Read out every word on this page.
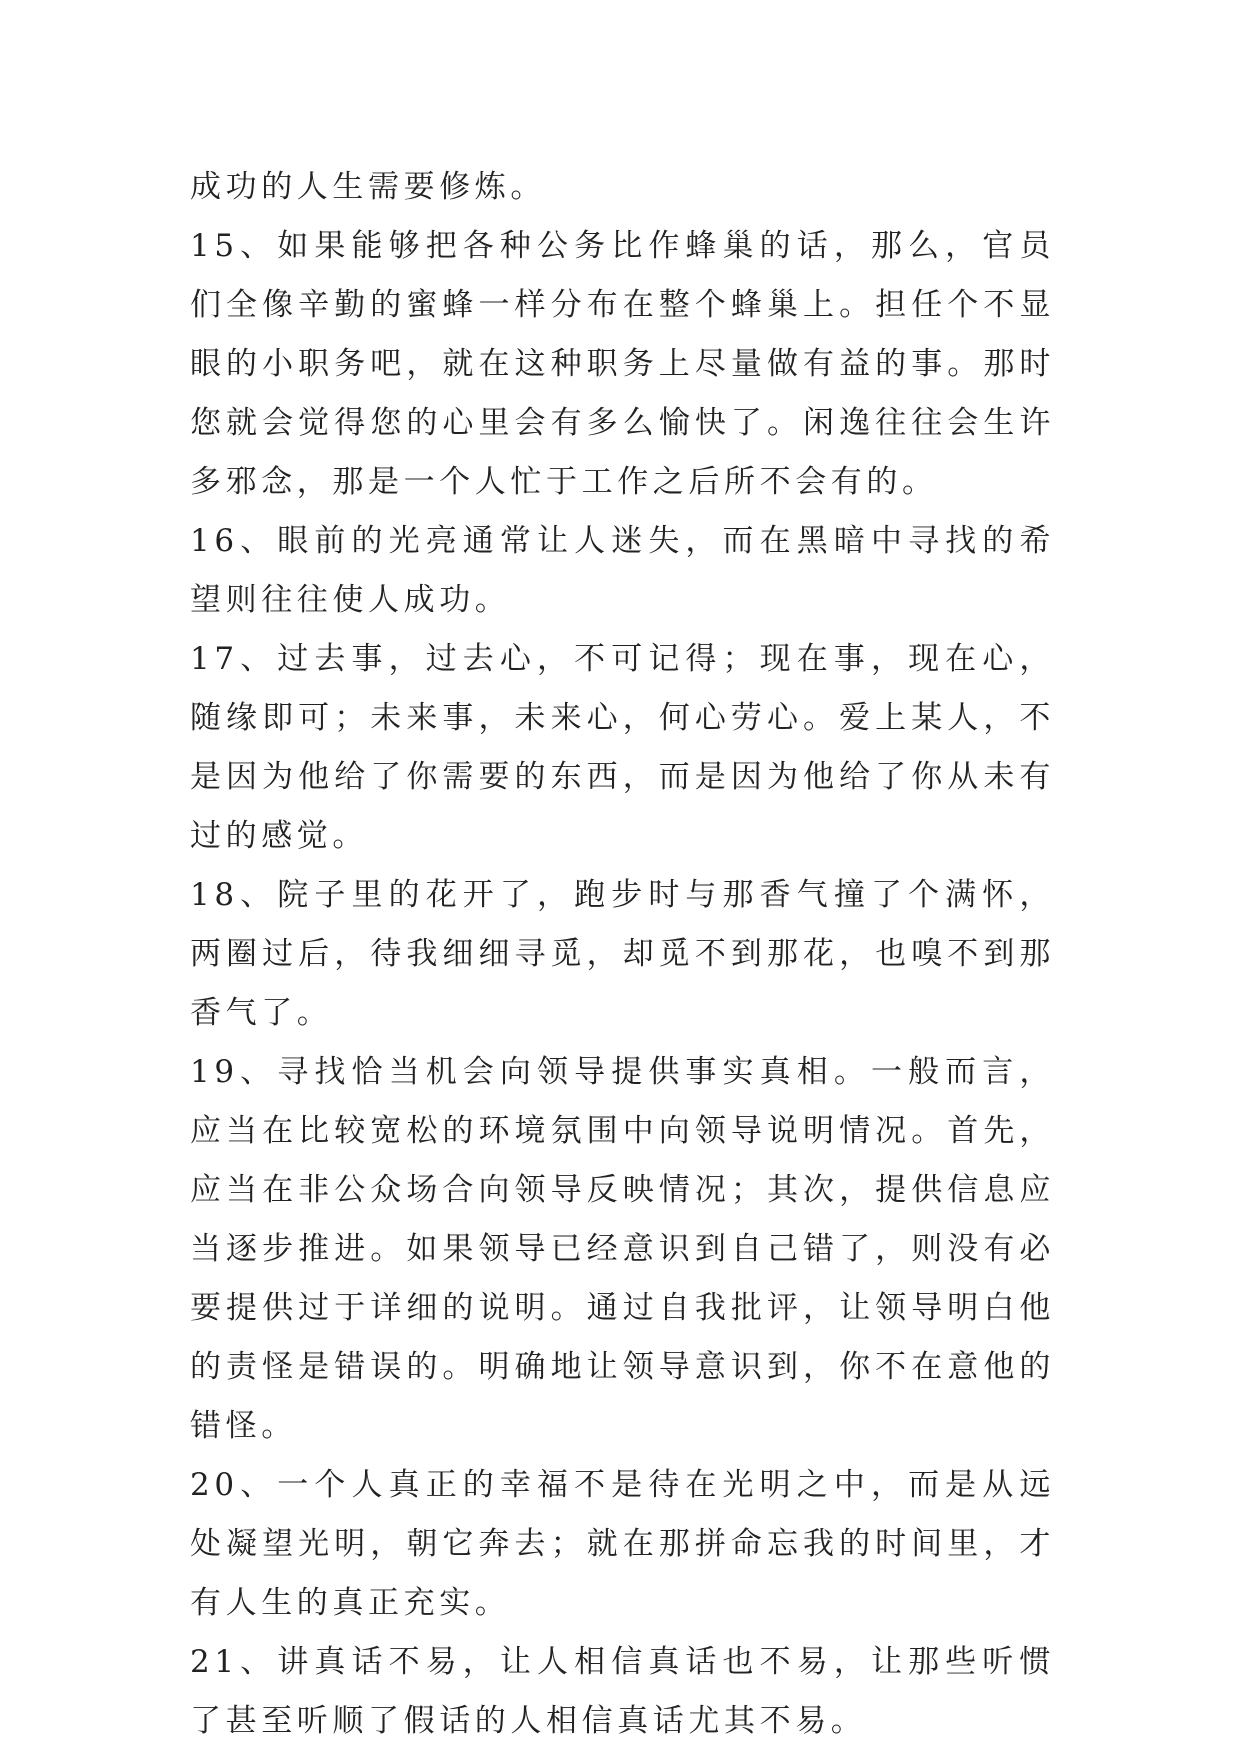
成功的人生需要修炼。

15、如果能够把各种公务比作蜂巢的话，那么，官员们全像辛勤的蜜蜂一样分布在整个蜂巢上。担任个不显眼的小职务吧，就在这种职务上尽量做有益的事。那时您就会觉得您的心里会有多么愉快了。闲逸往往会生许多邪念，那是一个人忙于工作之后所不会有的。

16、眼前的光亮通常让人迷失，而在黑暗中寻找的希望则往往使人成功。

17、过去事，过去心，不可记得；现在事，现在心，随缘即可；未来事，未来心，何心劳心。爱上某人，不是因为他给了你需要的东西，而是因为他给了你从未有过的感觉。

18、院子里的花开了，跑步时与那香气撞了个满怀，两圈过后，待我细细寻觅，却觅不到那花，也嗅不到那香气了。

19、寻找恰当机会向领导提供事实真相。一般而言，应当在比较宽松的环境氛围中向领导说明情况。首先，应当在非公众场合向领导反映情况；其次，提供信息应当逐步推进。如果领导已经意识到自己错了，则没有必要提供过于详细的说明。通过自我批评，让领导明白他的责怪是错误的。明确地让领导意识到，你不在意他的错怪。

20、一个人真正的幸福不是待在光明之中，而是从远处凝望光明，朝它奔去；就在那拼命忘我的时间里，才有人生的真正充实。

21、讲真话不易，让人相信真话也不易，让那些听惯了甚至听顺了假话的人相信真话尤其不易。
